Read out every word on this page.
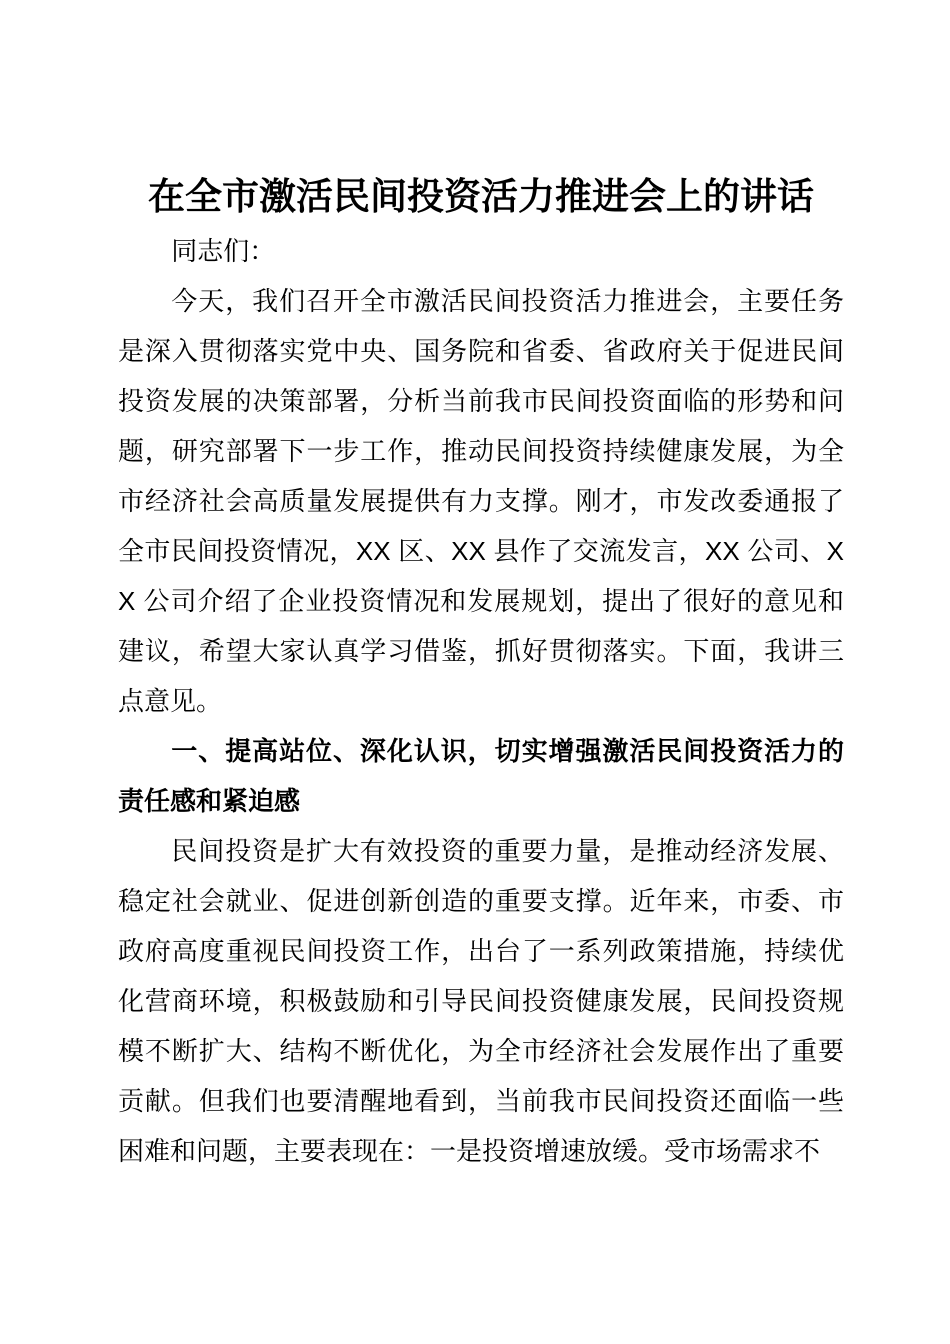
在全市激活民间投资活力推进会上的讲话

同志们：

今天，我们召开全市激活民间投资活力推进会，主要任务是深入贯彻落实党中央、国务院和省委、省政府关于促进民间投资发展的决策部署，分析当前我市民间投资面临的形势和问题，研究部署下一步工作，推动民间投资持续健康发展，为全市经济社会高质量发展提供有力支撑。刚才，市发改委通报了全市民间投资情况，XX 区、XX 县作了交流发言，XX 公司、XX 公司介绍了企业投资情况和发展规划，提出了很好的意见和建议，希望大家认真学习借鉴，抓好贯彻落实。下面，我讲三点意见。

一、提高站位、深化认识，切实增强激活民间投资活力的责任感和紧迫感

民间投资是扩大有效投资的重要力量，是推动经济发展、稳定社会就业、促进创新创造的重要支撑。近年来，市委、市政府高度重视民间投资工作，出台了一系列政策措施，持续优化营商环境，积极鼓励和引导民间投资健康发展，民间投资规模不断扩大、结构不断优化，为全市经济社会发展作出了重要贡献。但我们也要清醒地看到，当前我市民间投资还面临一些困难和问题，主要表现在：一是投资增速放缓。受市场需求不
